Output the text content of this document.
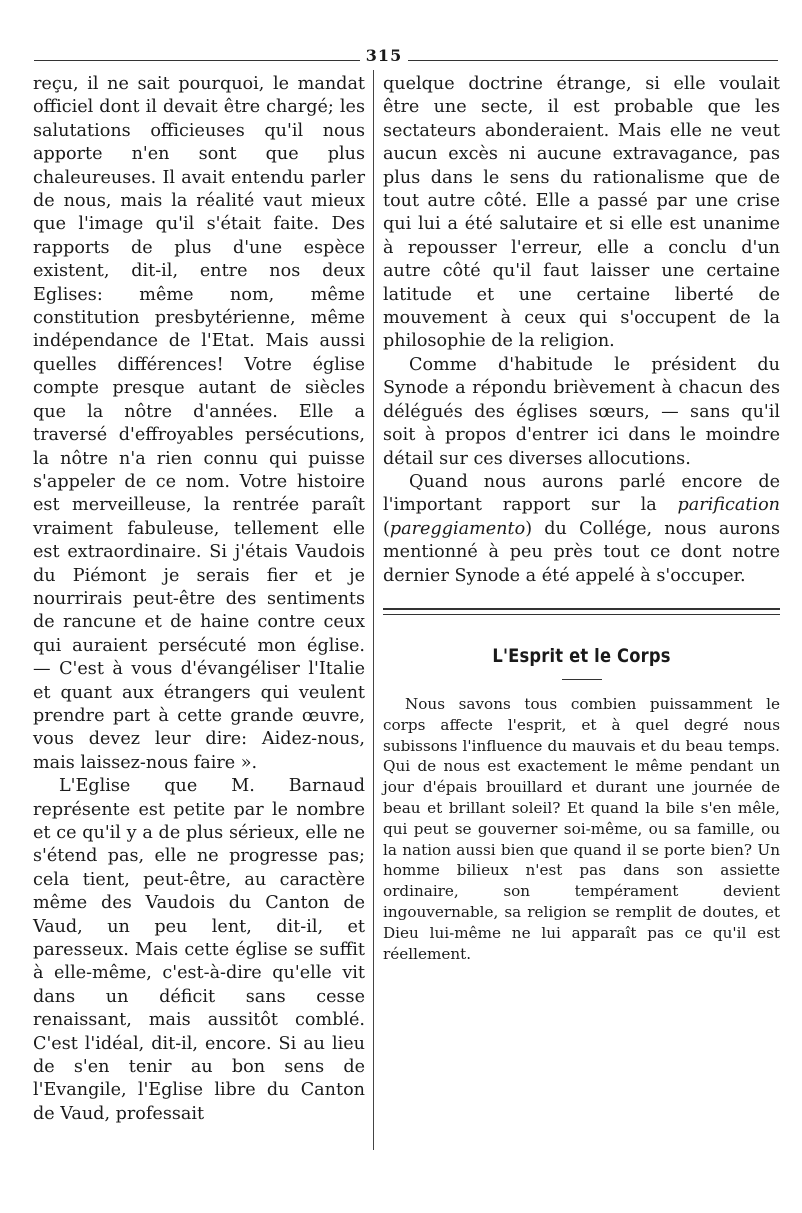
315

reçu, il ne sait pourquoi, le mandat officiel dont il devait être chargé; les salutations officieuses qu'il nous apporte n'en sont que plus chaleureuses. Il avait entendu parler de nous, mais la réalité vaut mieux que l'image qu'il s'était faite. Des rapports de plus d'une espèce existent, dit-il, entre nos deux Eglises: même nom, même constitution presbytérienne, même indépendance de l'Etat. Mais aussi quelles différences! Votre église compte presque autant de siècles que la nôtre d'années. Elle a traversé d'effroyables persécutions, la nôtre n'a rien connu qui puisse s'appeler de ce nom. Votre histoire est merveilleuse, la rentrée paraît vraiment fabuleuse, tellement elle est extraordinaire. Si j'étais Vaudois du Piémont je serais fier et je nourrirais peut-être des sentiments de rancune et de haine contre ceux qui auraient persécuté mon église. — C'est à vous d'évangéliser l'Italie et quant aux étrangers qui veulent prendre part à cette grande œuvre, vous devez leur dire: Aidez-nous, mais laissez-nous faire ».

L'Eglise que M. Barnaud représente est petite par le nombre et ce qu'il y a de plus sérieux, elle ne s'étend pas, elle ne progresse pas; cela tient, peut-être, au caractère même des Vaudois du Canton de Vaud, un peu lent, dit-il, et paresseux. Mais cette église se suffit à elle-même, c'est-à-dire qu'elle vit dans un déficit sans cesse renaissant, mais aussitôt comblé. C'est l'idéal, dit-il, encore. Si au lieu de s'en tenir au bon sens de l'Evangile, l'Eglise libre du Canton de Vaud, professait

quelque doctrine étrange, si elle voulait être une secte, il est probable que les sectateurs abonderaient. Mais elle ne veut aucun excès ni aucune extravagance, pas plus dans le sens du rationalisme que de tout autre côté. Elle a passé par une crise qui lui a été salutaire et si elle est unanime à repousser l'erreur, elle a conclu d'un autre côté qu'il faut laisser une certaine latitude et une certaine liberté de mouvement à ceux qui s'occupent de la philosophie de la religion.

Comme d'habitude le président du Synode a répondu brièvement à chacun des délégués des églises sœurs, — sans qu'il soit à propos d'entrer ici dans le moindre détail sur ces diverses allocutions.

Quand nous aurons parlé encore de l'important rapport sur la parification (pareggiamento) du Collége, nous aurons mentionné à peu près tout ce dont notre dernier Synode a été appelé à s'occuper.

L'Esprit et le Corps

Nous savons tous combien puissamment le corps affecte l'esprit, et à quel degré nous subissons l'influence du mauvais et du beau temps. Qui de nous est exactement le même pendant un jour d'épais brouillard et durant une journée de beau et brillant soleil? Et quand la bile s'en mêle, qui peut se gouverner soi-même, ou sa famille, ou la nation aussi bien que quand il se porte bien? Un homme bilieux n'est pas dans son assiette ordinaire, son tempérament devient ingouvernable, sa religion se remplit de doutes, et Dieu lui-même ne lui apparaît pas ce qu'il est réellement.
